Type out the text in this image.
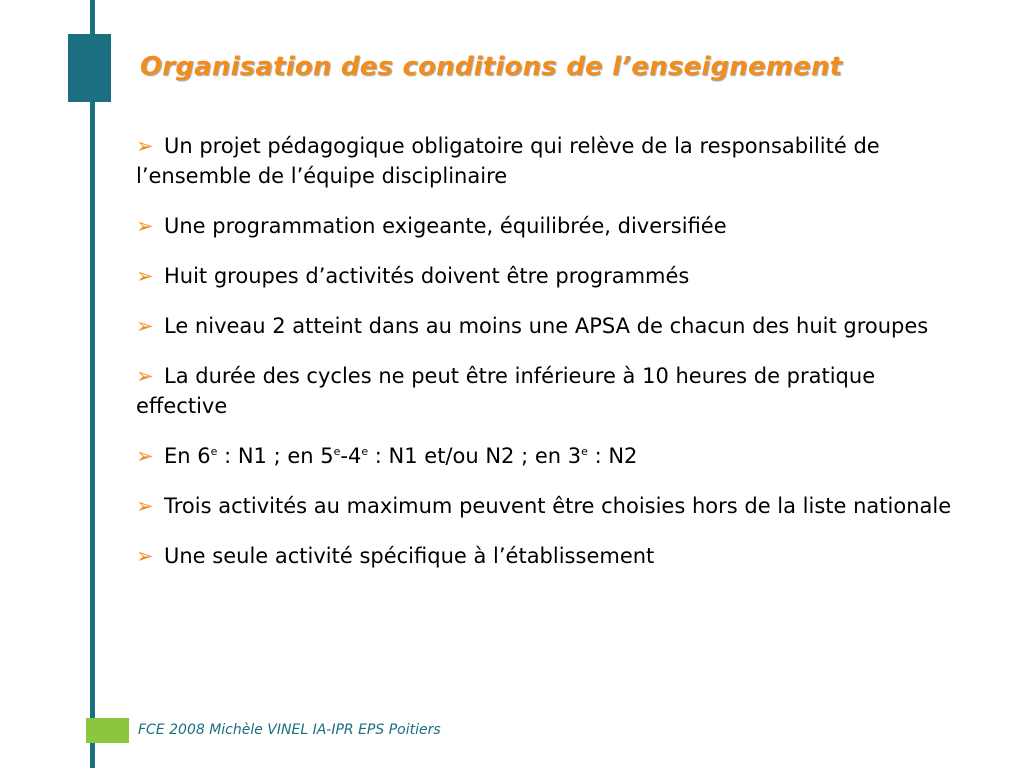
Organisation des conditions de l’enseignement
➢ Un projet pédagogique obligatoire qui relève de la responsabilité de l’ensemble de l’équipe disciplinaire
➢ Une programmation exigeante, équilibrée, diversifiée
➢ Huit groupes d’activités doivent être programmés
➢ Le niveau 2 atteint dans au moins une APSA de chacun des huit groupes
➢ La durée des cycles ne peut être inférieure à 10 heures de pratique effective
➢ En 6e : N1 ; en 5e-4e : N1 et/ou N2 ; en 3e : N2
➢ Trois activités au maximum peuvent être choisies hors de la liste nationale
➢ Une seule activité spécifique à l’établissement

FCE 2008 Michèle VINEL IA-IPR EPS Poitiers
